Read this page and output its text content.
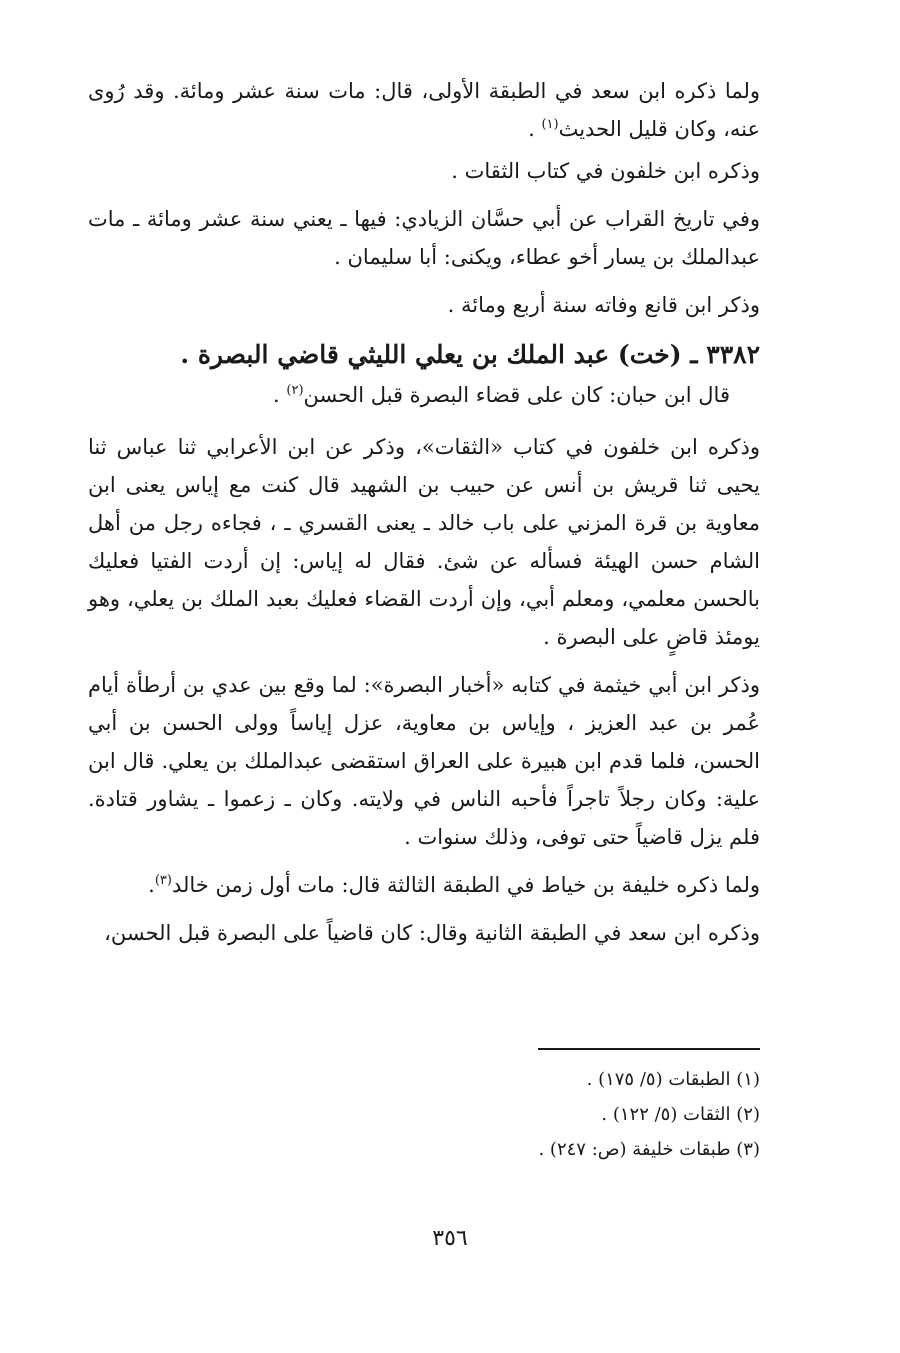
ولما ذكره ابن سعد في الطبقة الأولى، قال: مات سنة عشر ومائة. وقد رُوى عنه، وكان قليل الحديث$^{(١)}$ .

وذكره ابن خلفون في كتاب الثقات .

وفي تاريخ القراب عن أبي حسَّان الزيادي: فيها ـ يعني سنة عشر ومائة ـ مات عبدالملك بن يسار أخو عطاء، ويكنى: أبا سليمان .

وذكر ابن قانع وفاته سنة أربع ومائة .

٣٣٨٢ ـ (خت) عبد الملك بن يعلي الليثي قاضي البصرة .

قال ابن حبان: كان على قضاء البصرة قبل الحسن$^{(٢)}$ .

وذكره ابن خلفون في كتاب «الثقات»، وذكر عن ابن الأعرابي ثنا عباس ثنا يحيى ثنا قريش بن أنس عن حبيب بن الشهيد قال كنت مع إياس يعنى ابن معاوية بن قرة المزني على باب خالد ـ يعنى القسري ـ ، فجاءه رجل من أهل الشام حسن الهيئة فسأله عن شئ. فقال له إياس: إن أردت الفتيا فعليك بالحسن معلمي، ومعلم أبي، وإن أردت القضاء فعليك بعبد الملك بن يعلي، وهو يومئذ قاضٍ على البصرة .

وذكر ابن أبي خيثمة في كتابه «أخبار البصرة»: لما وقع بين عدي بن أرطأة أيام عُمر بن عبد العزيز ، وإياس بن معاوية، عزل إياساً وولى الحسن بن أبي الحسن، فلما قدم ابن هبيرة على العراق استقضى عبدالملك بن يعلي. قال ابن علية: وكان رجلاً تاجراً فأحبه الناس في ولايته. وكان ـ زعموا ـ يشاور قتادة. فلم يزل قاضياً حتى توفى، وذلك سنوات .

ولما ذكره خليفة بن خياط في الطبقة الثالثة قال: مات أول زمن خالد$^{(٣)}$.

وذكره ابن سعد في الطبقة الثانية وقال: كان قاضياً على البصرة قبل الحسن،

(١) الطبقات (٥/ ١٧٥) .

(٢) الثقات (٥/ ١٢٢) .

(٣) طبقات خليفة (ص: ٢٤٧) .

٣٥٦
